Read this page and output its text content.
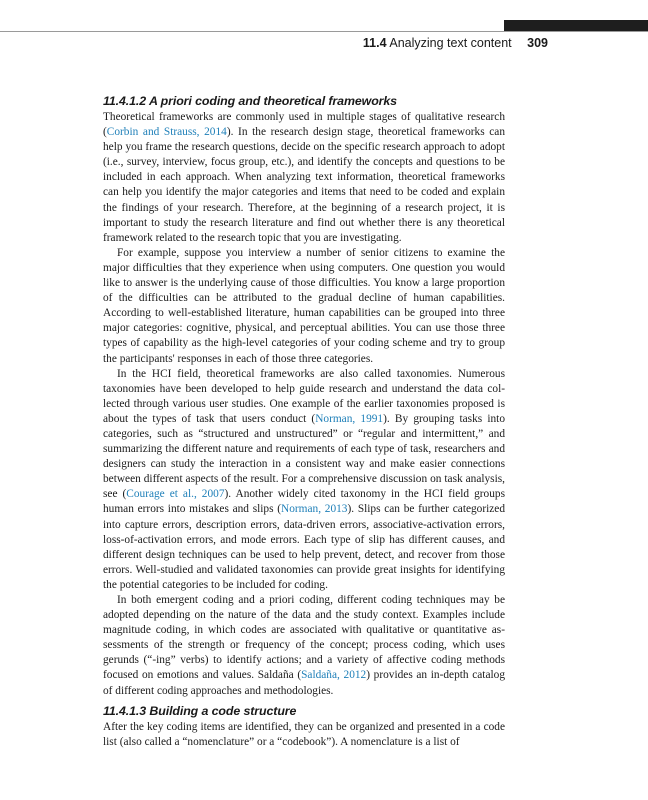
11.4 Analyzing text content 309
11.4.1.2 A priori coding and theoretical frameworks

Theoretical frameworks are commonly used in multiple stages of qualitative research (Corbin and Strauss, 2014). In the research design stage, theoretical frameworks can help you frame the research questions, decide on the specific research approach to adopt (i.e., survey, interview, focus group, etc.), and identify the concepts and questions to be included in each approach. When analyzing text information, theoretical frameworks can help you identify the major categories and items that need to be coded and explain the findings of your research. Therefore, at the beginning of a research project, it is important to study the research literature and find out whether there is any theoretical framework related to the research topic that you are investigating.

For example, suppose you interview a number of senior citizens to examine the major difficulties that they experience when using computers. One question you would like to answer is the underlying cause of those difficulties. You know a large proportion of the difficulties can be attributed to the gradual decline of human capabilities. According to well-established literature, human capabilities can be grouped into three major categories: cognitive, physical, and perceptual abilities. You can use those three types of capability as the high-level categories of your coding scheme and try to group the participants' responses in each of those three categories.

In the HCI field, theoretical frameworks are also called taxonomies. Numerous taxonomies have been developed to help guide research and understand the data collected through various user studies. One example of the earlier taxonomies proposed is about the types of task that users conduct (Norman, 1991). By grouping tasks into categories, such as “structured and unstructured” or “regular and intermittent,” and summarizing the different nature and requirements of each type of task, researchers and designers can study the interaction in a consistent way and make easier connections between different aspects of the result. For a comprehensive discussion on task analysis, see (Courage et al., 2007). Another widely cited taxonomy in the HCI field groups human errors into mistakes and slips (Norman, 2013). Slips can be further categorized into capture errors, description errors, data-driven errors, associative-activation errors, loss-of-activation errors, and mode errors. Each type of slip has different causes, and different design techniques can be used to help prevent, detect, and recover from those errors. Well-studied and validated taxonomies can provide great insights for identifying the potential categories to be included for coding.

In both emergent coding and a priori coding, different coding techniques may be adopted depending on the nature of the data and the study context. Examples include magnitude coding, in which codes are associated with qualitative or quantitative assessments of the strength or frequency of the concept; process coding, which uses gerunds (“-ing” verbs) to identify actions; and a variety of affective coding methods focused on emotions and values. Saldaña (Saldaña, 2012) provides an in-depth catalog of different coding approaches and methodologies.

11.4.1.3 Building a code structure

After the key coding items are identified, they can be organized and presented in a code list (also called a “nomenclature” or a “codebook”). A nomenclature is a list of
